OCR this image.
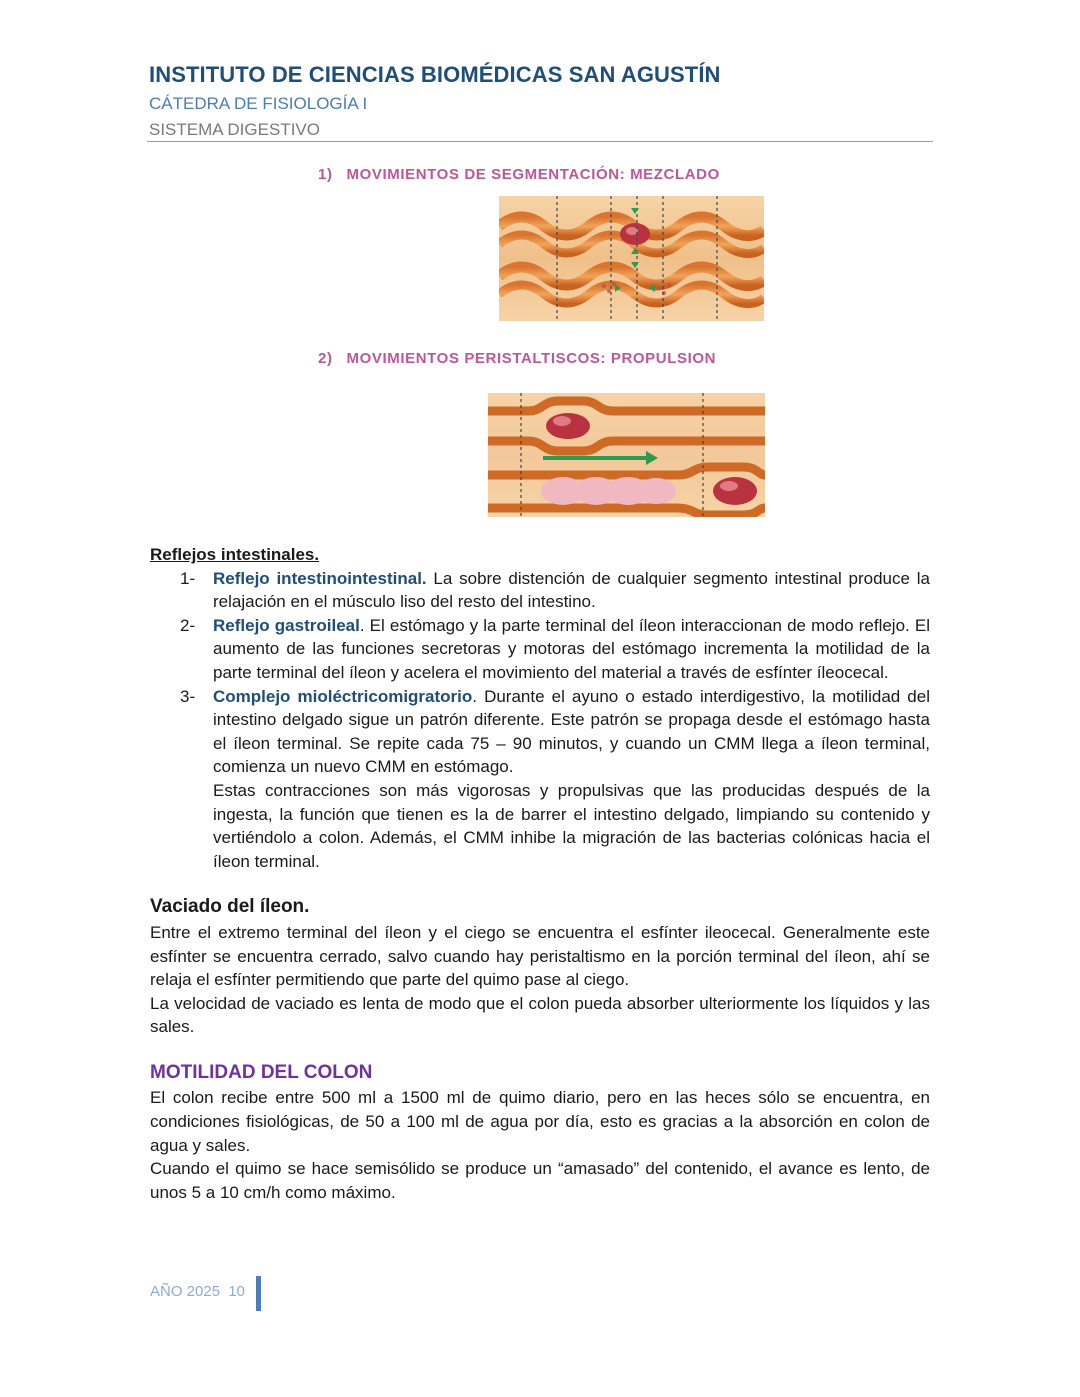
INSTITUTO DE CIENCIAS BIOMÉDICAS SAN AGUSTÍN
CÁTEDRA DE FISIOLOGÍA I
SISTEMA DIGESTIVO
1) MOVIMIENTOS DE SEGMENTACIÓN: MEZCLADO
2) MOVIMIENTOS PERISTALTISCOS: PROPULSION
Reflejos intestinales.
1- Reflejo intestinointestinal. La sobre distención de cualquier segmento intestinal produce la relajación en el músculo liso del resto del intestino.
2- Reflejo gastroileal. El estómago y la parte terminal del íleon interaccionan de modo reflejo. El aumento de las funciones secretoras y motoras del estómago incrementa la motilidad de la parte terminal del íleon y acelera el movimiento del material a través de esfínter íleocecal.
3- Complejo mioléctricomigratorio. Durante el ayuno o estado interdigestivo, la motilidad del intestino delgado sigue un patrón diferente. Este patrón se propaga desde el estómago hasta el íleon terminal. Se repite cada 75 – 90 minutos, y cuando un CMM llega a íleon terminal, comienza un nuevo CMM en estómago.

Estas contracciones son más vigorosas y propulsivas que las producidas después de la ingesta, la función que tienen es la de barrer el intestino delgado, limpiando su contenido y vertiéndolo a colon. Además, el CMM inhibe la migración de las bacterias colónicas hacia el íleon terminal.

Vaciado del íleon.

Entre el extremo terminal del íleon y el ciego se encuentra el esfínter ileocecal. Generalmente este esfínter se encuentra cerrado, salvo cuando hay peristaltismo en la porción terminal del íleon, ahí se relaja el esfínter permitiendo que parte del quimo pase al ciego.

La velocidad de vaciado es lenta de modo que el colon pueda absorber ulteriormente los líquidos y las sales.

MOTILIDAD DEL COLON

El colon recibe entre 500 ml a 1500 ml de quimo diario, pero en las heces sólo se encuentra, en condiciones fisiológicas, de 50 a 100 ml de agua por día, esto es gracias a la absorción en colon de agua y sales.

Cuando el quimo se hace semisólido se produce un “amasado” del contenido, el avance es lento, de unos 5 a 10 cm/h como máximo.

AÑO 2025 10
